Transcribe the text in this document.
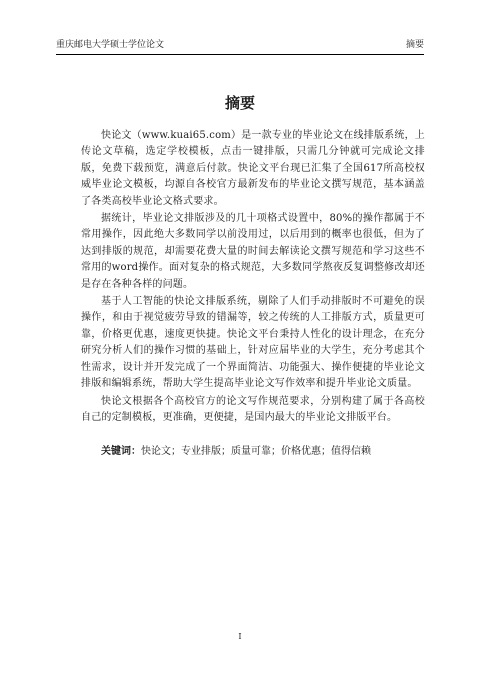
重庆邮电大学硕士学位论文	摘要
摘要

快论文（www.kuai65.com）是一款专业的毕业论文在线排版系统，上传论文草稿，选定学校模板，点击一键排版，只需几分钟就可完成论文排版，免费下载预览，满意后付款。快论文平台现已汇集了全国617所高校权威毕业论文模板，均源自各校官方最新发布的毕业论文撰写规范，基本涵盖了各类高校毕业论文格式要求。

据统计，毕业论文排版涉及的几十项格式设置中，80%的操作都属于不常用操作，因此绝大多数同学以前没用过，以后用到的概率也很低，但为了达到排版的规范，却需要花费大量的时间去解读论文撰写规范和学习这些不常用的word操作。面对复杂的格式规范，大多数同学熬夜反复调整修改却还是存在各种各样的问题。

基于人工智能的快论文排版系统，剔除了人们手动排版时不可避免的误操作，和由于视觉疲劳导致的错漏等，较之传统的人工排版方式，质量更可靠，价格更优惠，速度更快捷。快论文平台秉持人性化的设计理念，在充分研究分析人们的操作习惯的基础上，针对应届毕业的大学生，充分考虑其个性需求，设计并开发完成了一个界面简洁、功能强大、操作便捷的毕业论文排版和编辑系统，帮助大学生提高毕业论文写作效率和提升毕业论文质量。

快论文根据各个高校官方的论文写作规范要求，分别构建了属于各高校自己的定制模板，更准确，更便捷，是国内最大的毕业论文排版平台。

关键词：快论文；专业排版；质量可靠；价格优惠；值得信赖
I
